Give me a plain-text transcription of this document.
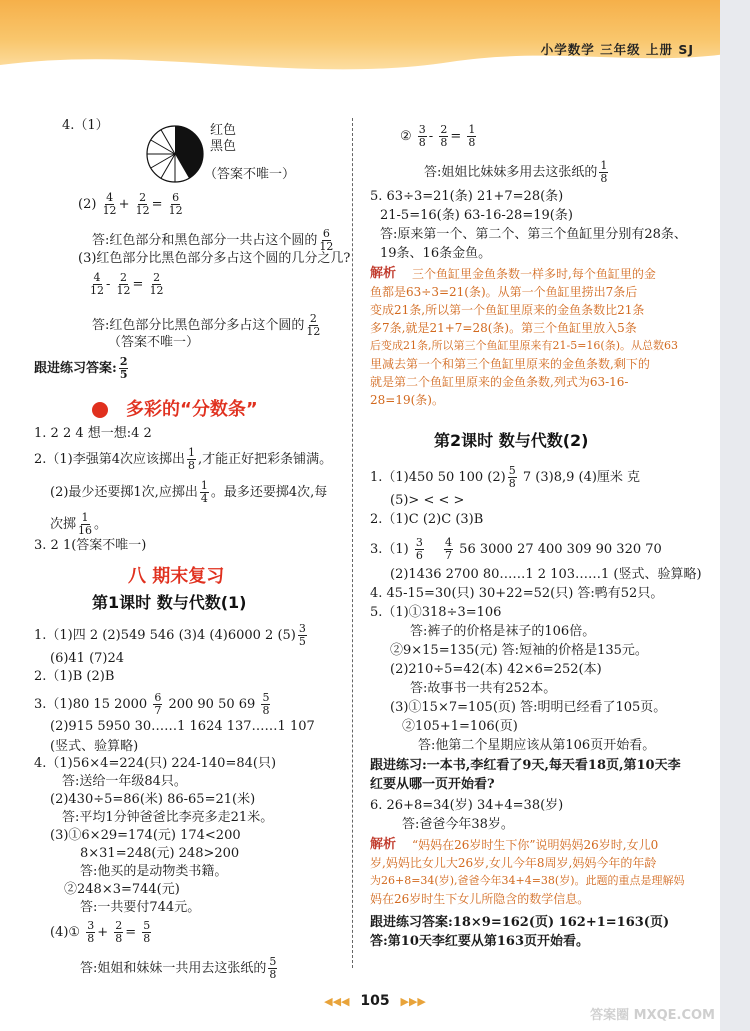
小学数学 三年级 上册 SJ
4.（1）	红色
黑色
（答案不唯一）
$(2) \frac{4}{12} + \frac{2}{12} = \frac{6}{12}$
答:红色部分和黑色部分一共占这个圆的 $\frac{6}{12}$
(3)红色部分比黑色部分多占这个圆的几分之几?
$\frac{4}{12} - \frac{2}{12} = \frac{2}{12}$
答:红色部分比黑色部分多占这个圆的 $\frac{2}{12}$
（答案不唯一）
跟进练习答案: $\frac{2}{5}$
多彩的“分数条”
1. 2 2 4 想一想:4 2
2.（1)李强第4次应该掷出 $\frac{1}{8}$ ,才能正好把彩条铺满。
(2)最少还要掷1次,应掷出 $\frac{1}{4}$ 。最多还要掷4次,每
次掷 $\frac{1}{16}$ 。
3. 2 1(答案不唯一)
八 期末复习
第1课时 数与代数(1)
1.（1)四 2 (2)549 546 (3)4 (4)6000 2 $(5) \frac{3}{5}$
(6)41 (7)24
2.（1)B (2)B
3.（1)80 15 $2000 \frac{6}{7} 200$ 90 50 $69 \frac{5}{8}$
(2)915 5950 30……1 1624 137……1 107
(竖式、验算略)
4.（1)56×4=224(只) 224-140=84(只)
答:送给一年级84只。
(2)430÷5=86(米) 86-65=21(米)
答:平均1分钟爸爸比李亮多走21米。
(3)①6×29=174(元) 174<200
8×31=248(元) 248>200
答:他买的是动物类书籍。
②248×3=744(元)
答:一共要付744元。
(4)① $\frac{3}{8} + \frac{2}{8} = \frac{5}{8}$
答:姐姐和妹妹一共用去这张纸的 $\frac{5}{8}$
② $\frac{3}{8} - \frac{2}{8} = \frac{1}{8}$
答:姐姐比妹妹多用去这张纸的 $\frac{1}{8}$
5. 63÷3=21(条) 21+7=28(条)
21-5=16(条) 63-16-28=19(条)
答:原来第一个、第二个、第三个鱼缸里分别有28条、
19条、16条金鱼。
解析 三个鱼缸里金鱼条数一样多时,每个鱼缸里的金
鱼都是63÷3=21(条)。从第一个鱼缸里捞出7条后
变成21条,所以第一个鱼缸里原来的金鱼条数比21条
多7条,就是21+7=28(条)。第三个鱼缸里放入5条
后变成21条,所以第三个鱼缸里原来有21-5=16(条)。从总数63
里减去第一个和第三个鱼缸里原来的金鱼条数,剩下的
就是第二个鱼缸里原来的金鱼条数,列式为63-16-
28=19(条)。
第2课时 数与代数(2)
1.（1)450 50 100 $(2) \frac{5}{8} 7$ (3)8,9 (4)厘米 克
(5)> < < >
2.（1)C (2)C (3)B
$3.(1) \frac{3}{6}$
$\frac{4}{7} 56$ 3000 27 400 309 90 320 70
(2)1436 2700 80……1 2 103……1 (竖式、验算略)
4. 45-15=30(只) 30+22=52(只) 答:鸭有52只。
5.（1)①318÷3=106
答:裤子的价格是袜子的106倍。
②9×15=135(元) 答:短袖的价格是135元。
(2)210÷5=42(本) 42×6=252(本)
答:故事书一共有252本。
(3)①15×7=105(页) 答:明明已经看了105页。
②105+1=106(页)
答:他第二个星期应该从第106页开始看。
跟进练习:一本书,李红看了9天,每天看18页,第10天李
红要从哪一页开始看?
6. 26+8=34(岁) 34+4=38(岁)
答:爸爸今年38岁。
解析 “妈妈在26岁时生下你”说明妈妈26岁时,女儿0
岁,妈妈比女儿大26岁,女儿今年8周岁,妈妈今年的年龄
为26+8=34(岁),爸爸今年34+4=38(岁)。此题的重点是理解妈
妈在26岁时生下女儿所隐含的数学信息。
跟进练习答案:18×9=162(页) 162+1=163(页)
答:第10天李红要从第163页开始看。
◀◀◀ 105 ▶▶▶
答案圈 MXQE.COM
